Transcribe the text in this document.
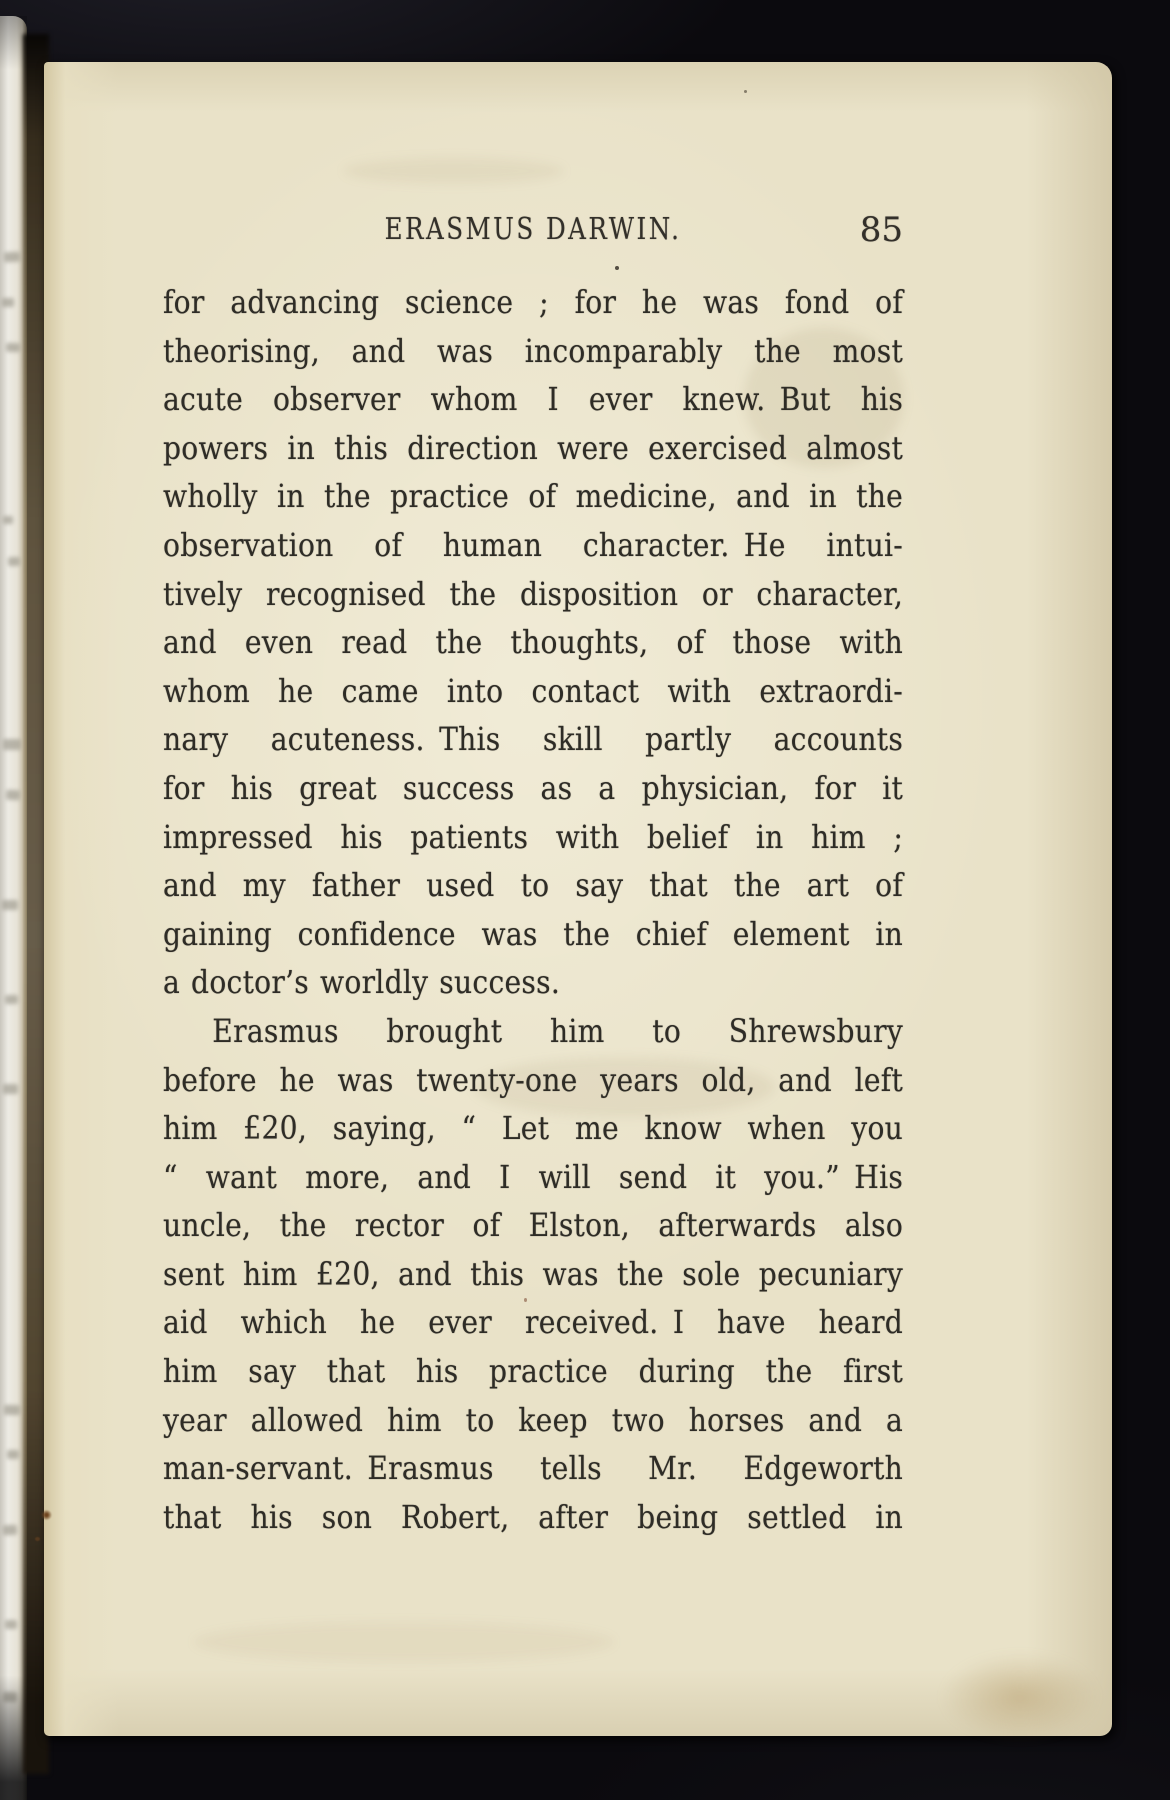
ERASMUS DARWIN.	85
for advancing science ; for he was fond of
theorising, and was incomparably the most
acute observer whom I ever knew. But his
powers in this direction were exercised almost
wholly in the practice of medicine, and in the
observation of human character. He intui-
tively recognised the disposition or character,
and even read the thoughts, of those with
whom he came into contact with extraordi-
nary acuteness. This skill partly accounts
for his great success as a physician, for it
impressed his patients with belief in him ;
and my father used to say that the art of
gaining confidence was the chief element in
a doctor’s worldly success.
Erasmus brought him to Shrewsbury
before he was twenty-one years old, and left
him £20, saying, “ Let me know when you
“ want more, and I will send it you.” His
uncle, the rector of Elston, afterwards also
sent him £20, and this was the sole pecuniary
aid which he ever received. I have heard
him say that his practice during the first
year allowed him to keep two horses and a
man-servant. Erasmus tells Mr. Edgeworth
that his son Robert, after being settled in
